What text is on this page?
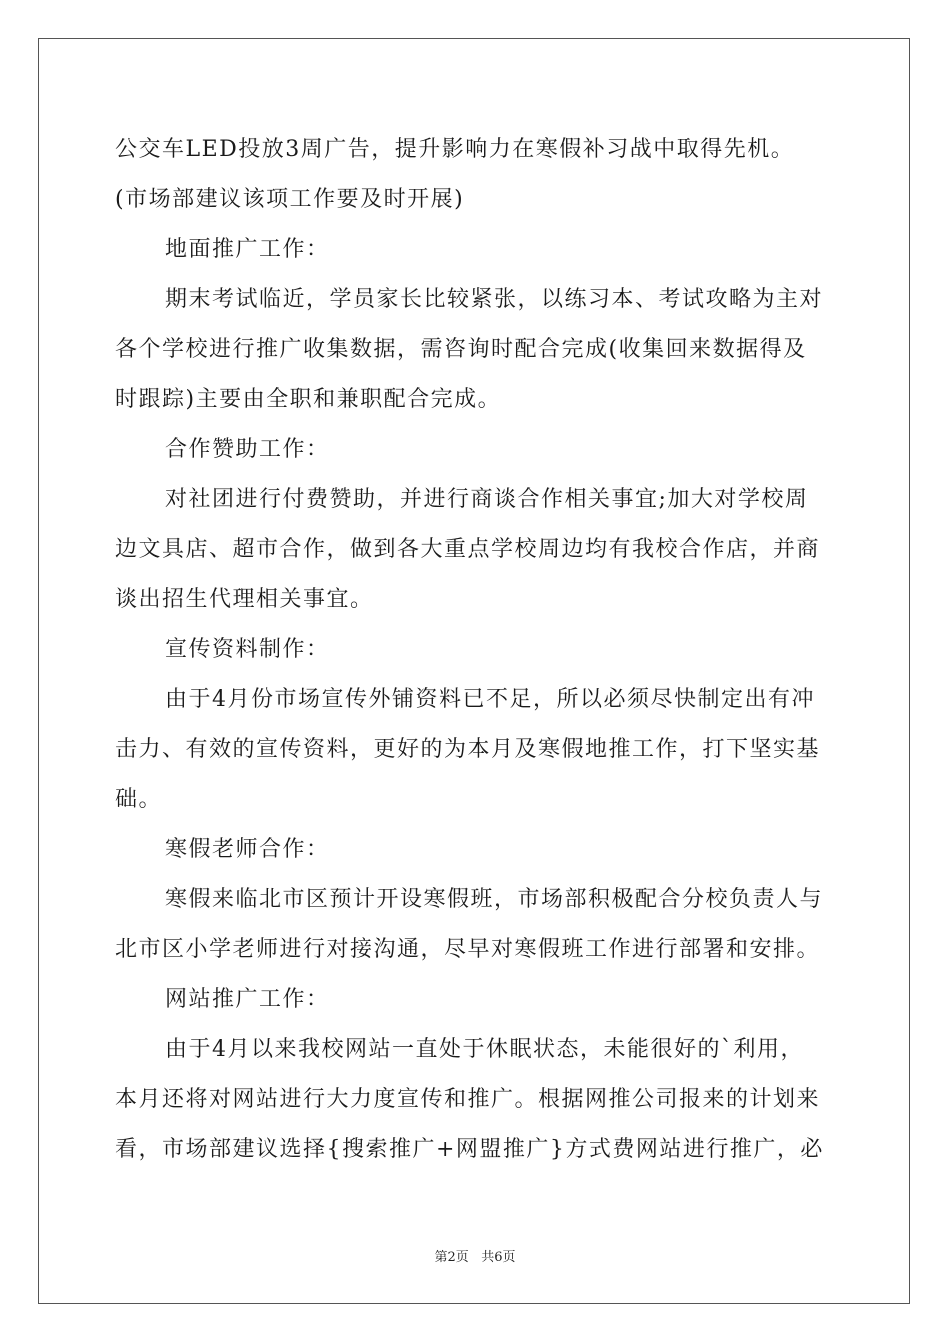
公交车LED投放3周广告，提升影响力在寒假补习战中取得先机。
(市场部建议该项工作要及时开展)
地面推广工作：
期末考试临近，学员家长比较紧张，以练习本、考试攻略为主对
各个学校进行推广收集数据，需咨询时配合完成(收集回来数据得及
时跟踪)主要由全职和兼职配合完成。
合作赞助工作：
对社团进行付费赞助，并进行商谈合作相关事宜;加大对学校周
边文具店、超市合作，做到各大重点学校周边均有我校合作店，并商
谈出招生代理相关事宜。
宣传资料制作：
由于4月份市场宣传外铺资料已不足，所以必须尽快制定出有冲
击力、有效的宣传资料，更好的为本月及寒假地推工作，打下坚实基
础。
寒假老师合作：
寒假来临北市区预计开设寒假班，市场部积极配合分校负责人与
北市区小学老师进行对接沟通，尽早对寒假班工作进行部署和安排。
网站推广工作：
由于4月以来我校网站一直处于休眠状态，未能很好的`利用，
本月还将对网站进行大力度宣传和推广。根据网推公司报来的计划来
看，市场部建议选择{搜索推广+网盟推广}方式费网站进行推广，必
第2页 共6页
